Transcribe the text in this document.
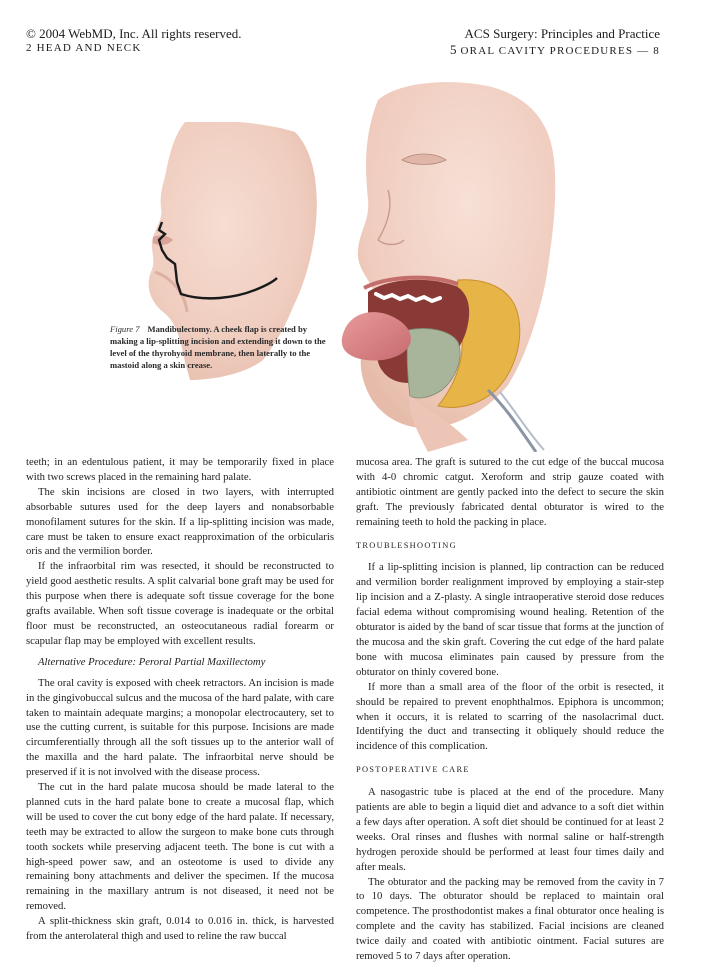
© 2004 WebMD, Inc. All rights reserved.
2 HEAD AND NECK
ACS Surgery: Principles and Practice
5 ORAL CAVITY PROCEDURES — 8
Figure 7 Mandibulectomy. A cheek flap is created by making a lip-splitting incision and extending it down to the level of the thyrohyoid membrane, then laterally to the mastoid along a skin crease.

teeth; in an edentulous patient, it may be temporarily fixed in place with two screws placed in the remaining hard palate.

The skin incisions are closed in two layers, with interrupted absorbable sutures used for the deep layers and nonabsorbable monofilament sutures for the skin. If a lip-splitting incision was made, care must be taken to ensure exact reapproximation of the orbicularis oris and the vermilion border.

If the infraorbital rim was resected, it should be reconstructed to yield good aesthetic results. A split calvarial bone graft may be used for this purpose when there is adequate soft tissue coverage for the bone grafts available. When soft tissue coverage is inadequate or the orbital floor must be reconstructed, an osteocutaneous radial forearm or scapular flap may be employed with excellent results.

Alternative Procedure: Peroral Partial Maxillectomy

The oral cavity is exposed with cheek retractors. An incision is made in the gingivobuccal sulcus and the mucosa of the hard palate, with care taken to maintain adequate margins; a monopolar electrocautery, set to use the cutting current, is suitable for this purpose. Incisions are made circumferentially through all the soft tissues up to the anterior wall of the maxilla and the hard palate. The infraorbital nerve should be preserved if it is not involved with the disease process.

The cut in the hard palate mucosa should be made lateral to the planned cuts in the hard palate bone to create a mucosal flap, which will be used to cover the cut bony edge of the hard palate. If necessary, teeth may be extracted to allow the surgeon to make bone cuts through tooth sockets while preserving adjacent teeth. The bone is cut with a high-speed power saw, and an osteotome is used to divide any remaining bony attachments and deliver the specimen. If the mucosa remaining in the maxillary antrum is not diseased, it need not be removed.

A split-thickness skin graft, 0.014 to 0.016 in. thick, is harvested from the anterolateral thigh and used to reline the raw buccal

mucosa area. The graft is sutured to the cut edge of the buccal mucosa with 4-0 chromic catgut. Xeroform and strip gauze coated with antibiotic ointment are gently packed into the defect to secure the skin graft. The previously fabricated dental obturator is wired to the remaining teeth to hold the packing in place.

TROUBLESHOOTING

If a lip-splitting incision is planned, lip contraction can be reduced and vermilion border realignment improved by employing a stair-step lip incision and a Z-plasty. A single intraoperative steroid dose reduces facial edema without compromising wound healing. Retention of the obturator is aided by the band of scar tissue that forms at the junction of the mucosa and the skin graft. Covering the cut edge of the hard palate bone with mucosa eliminates pain caused by pressure from the obturator on thinly covered bone.

If more than a small area of the floor of the orbit is resected, it should be repaired to prevent enophthalmos. Epiphora is uncommon; when it occurs, it is related to scarring of the nasolacrimal duct. Identifying the duct and transecting it obliquely should reduce the incidence of this complication.

POSTOPERATIVE CARE

A nasogastric tube is placed at the end of the procedure. Many patients are able to begin a liquid diet and advance to a soft diet within a few days after operation. A soft diet should be continued for at least 2 weeks. Oral rinses and flushes with normal saline or half-strength hydrogen peroxide should be performed at least four times daily and after meals.

The obturator and the packing may be removed from the cavity in 7 to 10 days. The obturator should be replaced to maintain oral competence. The prosthodontist makes a final obturator once healing is complete and the cavity has stabilized. Facial incisions are cleaned twice daily and coated with antibiotic ointment. Facial sutures are removed 5 to 7 days after operation.
